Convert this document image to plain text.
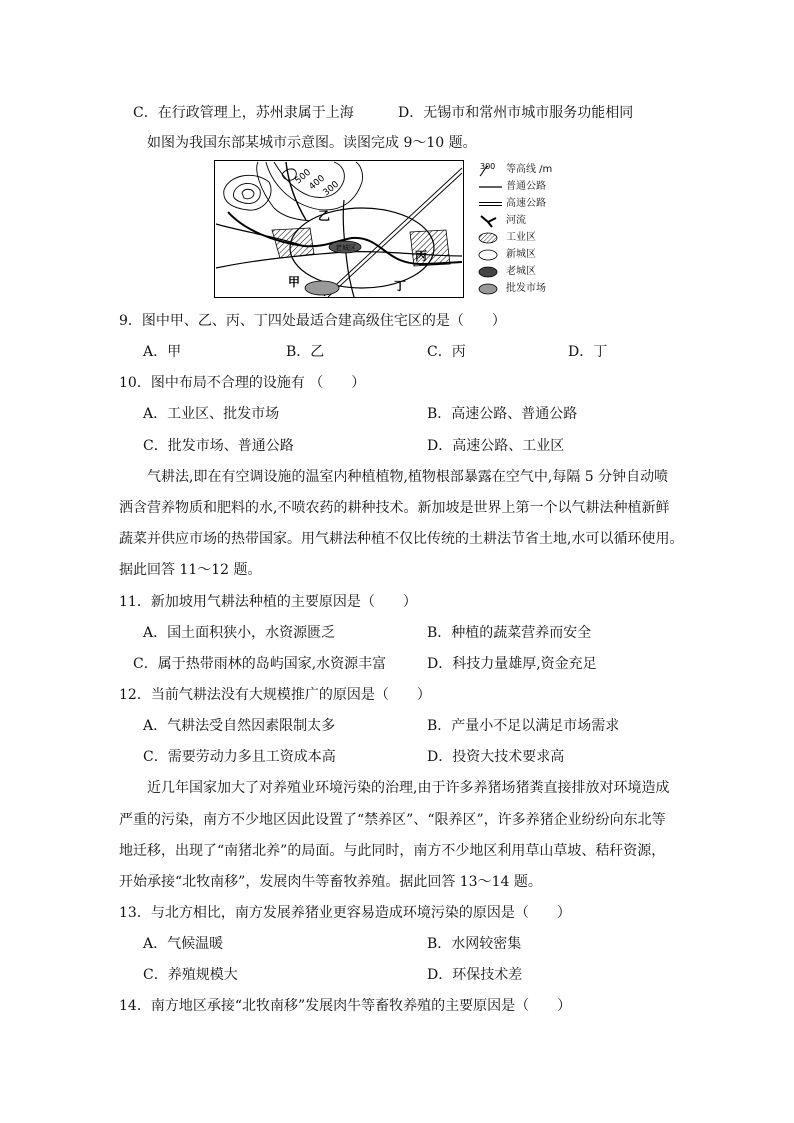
C．在行政管理上，苏州隶属于上海	D．无锡市和常州市城市服务功能相同
如图为我国东部某城市示意图。读图完成 9～10 题。
500
400
300
乙
丙
甲	丁
老城区
300 等高线 /m
普通公路
高速公路
河流
工业区
新城区
老城区
批发市场
9．图中甲、乙、丙、丁四处最适合建高级住宅区的是（　　）
A．甲	B．乙	C．丙	D．丁
10．图中布局不合理的设施有 （　　）
A．工业区、批发市场	B．高速公路、普通公路
C．批发市场、普通公路	D．高速公路、工业区
气耕法,即在有空调设施的温室内种植植物,植物根部暴露在空气中,每隔 5 分钟自动喷
洒含营养物质和肥料的水,不喷农药的耕种技术。新加坡是世界上第一个以气耕法种植新鲜
蔬菜并供应市场的热带国家。用气耕法种植不仅比传统的土耕法节省土地,水可以循环使用。
据此回答 11～12 题。
11．新加坡用气耕法种植的主要原因是（　　）
A．国土面积狭小，水资源匮乏	B．种植的蔬菜营养而安全
C．属于热带雨林的岛屿国家,水资源丰富	D．科技力量雄厚,资金充足
12．当前气耕法没有大规模推广的原因是（　　）
A．气耕法受自然因素限制太多	B．产量小不足以满足市场需求
C．需要劳动力多且工资成本高	D．投资大技术要求高
近几年国家加大了对养殖业环境污染的治理,由于许多养猪场猪粪直接排放对环境造成
严重的污染，南方不少地区因此设置了“禁养区”、“限养区”，许多养猪企业纷纷向东北等
地迁移，出现了“南猪北养”的局面。与此同时，南方不少地区利用草山草坡、秸秆资源，
开始承接“北牧南移”，发展肉牛等畜牧养殖。据此回答 13～14 题。
13．与北方相比，南方发展养猪业更容易造成环境污染的原因是（　　）
A．气候温暖	B．水网较密集
C．养殖规模大	D．环保技术差
14．南方地区承接“北牧南移”发展肉牛等畜牧养殖的主要原因是（　　）
